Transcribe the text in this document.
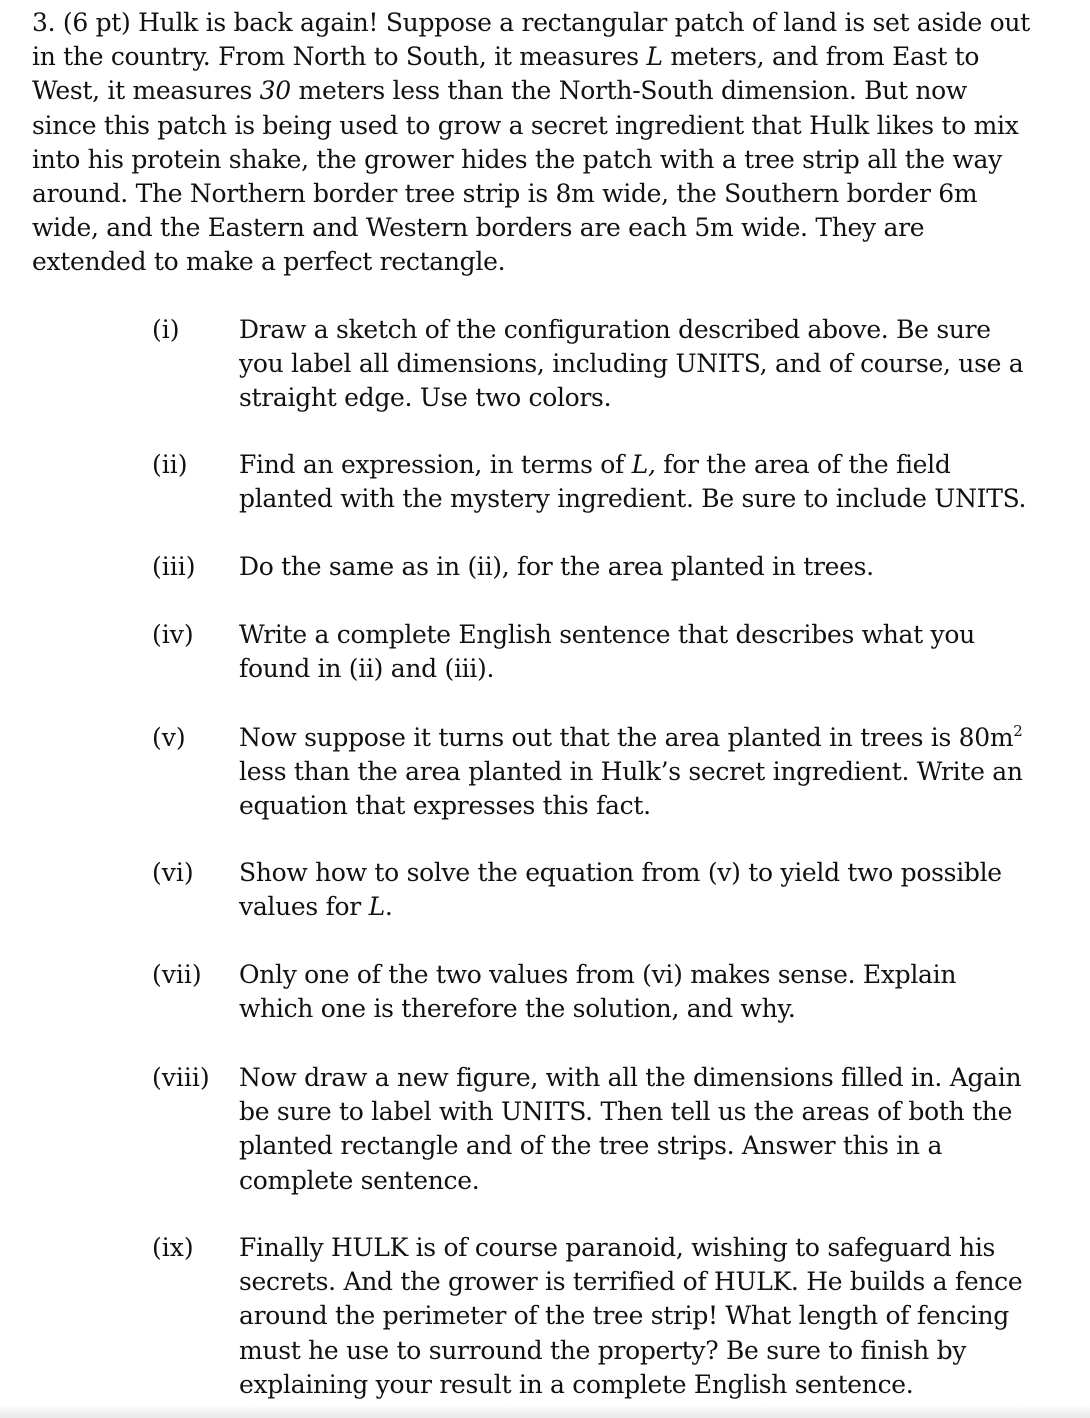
3. (6 pt) Hulk is back again! Suppose a rectangular patch of land is set aside out
in the country. From North to South, it measures L meters, and from East to
West, it measures 30 meters less than the North-South dimension. But now
since this patch is being used to grow a secret ingredient that Hulk likes to mix
into his protein shake, the grower hides the patch with a tree strip all the way
around. The Northern border tree strip is 8m wide, the Southern border 6m
wide, and the Eastern and Western borders are each 5m wide. They are
extended to make a perfect rectangle.
(i) Draw a sketch of the configuration described above. Be sure
you label all dimensions, including UNITS, and of course, use a
straight edge. Use two colors.
(ii) Find an expression, in terms of L, for the area of the field
planted with the mystery ingredient. Be sure to include UNITS.
(iii) Do the same as in (ii), for the area planted in trees.
(iv) Write a complete English sentence that describes what you
found in (ii) and (iii).
(v) Now suppose it turns out that the area planted in trees is $80m^2$
less than the area planted in Hulk’s secret ingredient. Write an
equation that expresses this fact.
(vi) Show how to solve the equation from (v) to yield two possible
values for L.
(vii) Only one of the two values from (vi) makes sense. Explain
which one is therefore the solution, and why.
(viii) Now draw a new figure, with all the dimensions filled in. Again
be sure to label with UNITS. Then tell us the areas of both the
planted rectangle and of the tree strips. Answer this in a
complete sentence.
(ix) Finally HULK is of course paranoid, wishing to safeguard his
secrets. And the grower is terrified of HULK. He builds a fence
around the perimeter of the tree strip! What length of fencing
must he use to surround the property? Be sure to finish by
explaining your result in a complete English sentence.
